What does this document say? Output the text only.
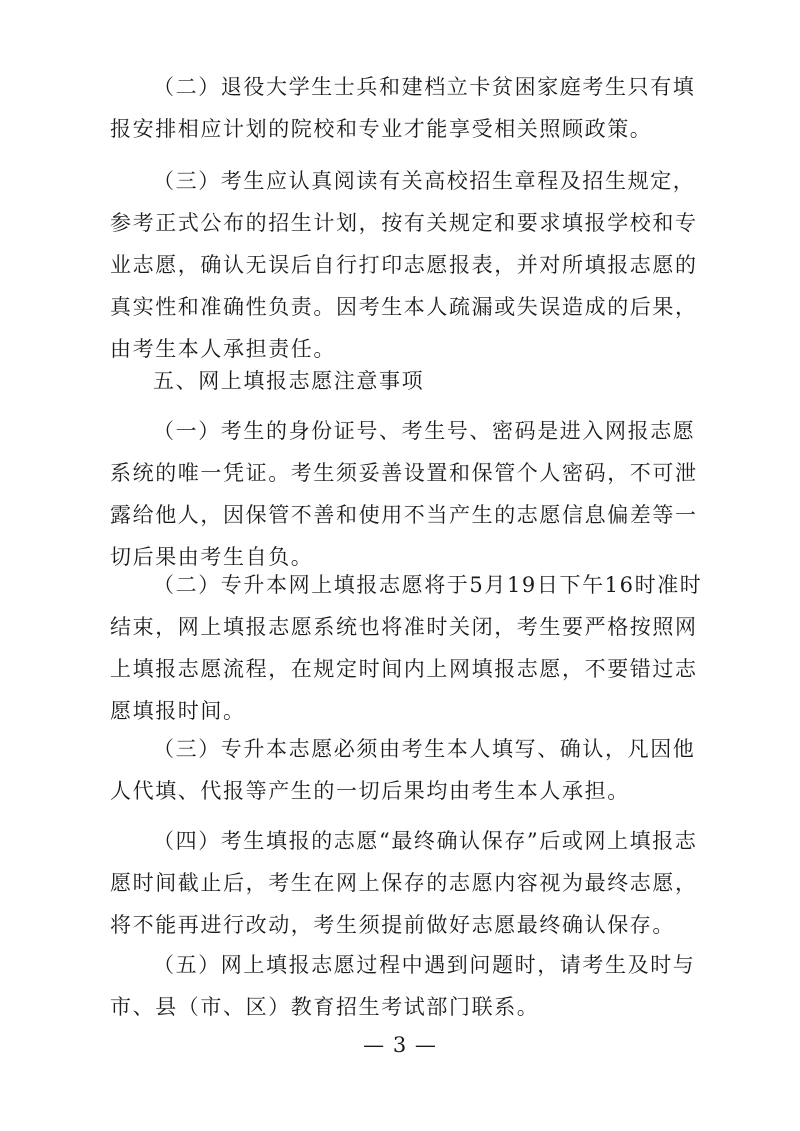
（二）退役大学生士兵和建档立卡贫困家庭考生只有填
报安排相应计划的院校和专业才能享受相关照顾政策。
（三）考生应认真阅读有关高校招生章程及招生规定，
参考正式公布的招生计划，按有关规定和要求填报学校和专
业志愿，确认无误后自行打印志愿报表，并对所填报志愿的
真实性和准确性负责。因考生本人疏漏或失误造成的后果，
由考生本人承担责任。
五、网上填报志愿注意事项
（一）考生的身份证号、考生号、密码是进入网报志愿
系统的唯一凭证。考生须妥善设置和保管个人密码，不可泄
露给他人，因保管不善和使用不当产生的志愿信息偏差等一
切后果由考生自负。
（二）专升本网上填报志愿将于5月19日下午16时准时
结束，网上填报志愿系统也将准时关闭，考生要严格按照网
上填报志愿流程，在规定时间内上网填报志愿，不要错过志
愿填报时间。
（三）专升本志愿必须由考生本人填写、确认，凡因他
人代填、代报等产生的一切后果均由考生本人承担。
（四）考生填报的志愿“最终确认保存”后或网上填报志
愿时间截止后，考生在网上保存的志愿内容视为最终志愿，
将不能再进行改动，考生须提前做好志愿最终确认保存。
（五）网上填报志愿过程中遇到问题时，请考生及时与
市、县（市、区）教育招生考试部门联系。
— 3 —
